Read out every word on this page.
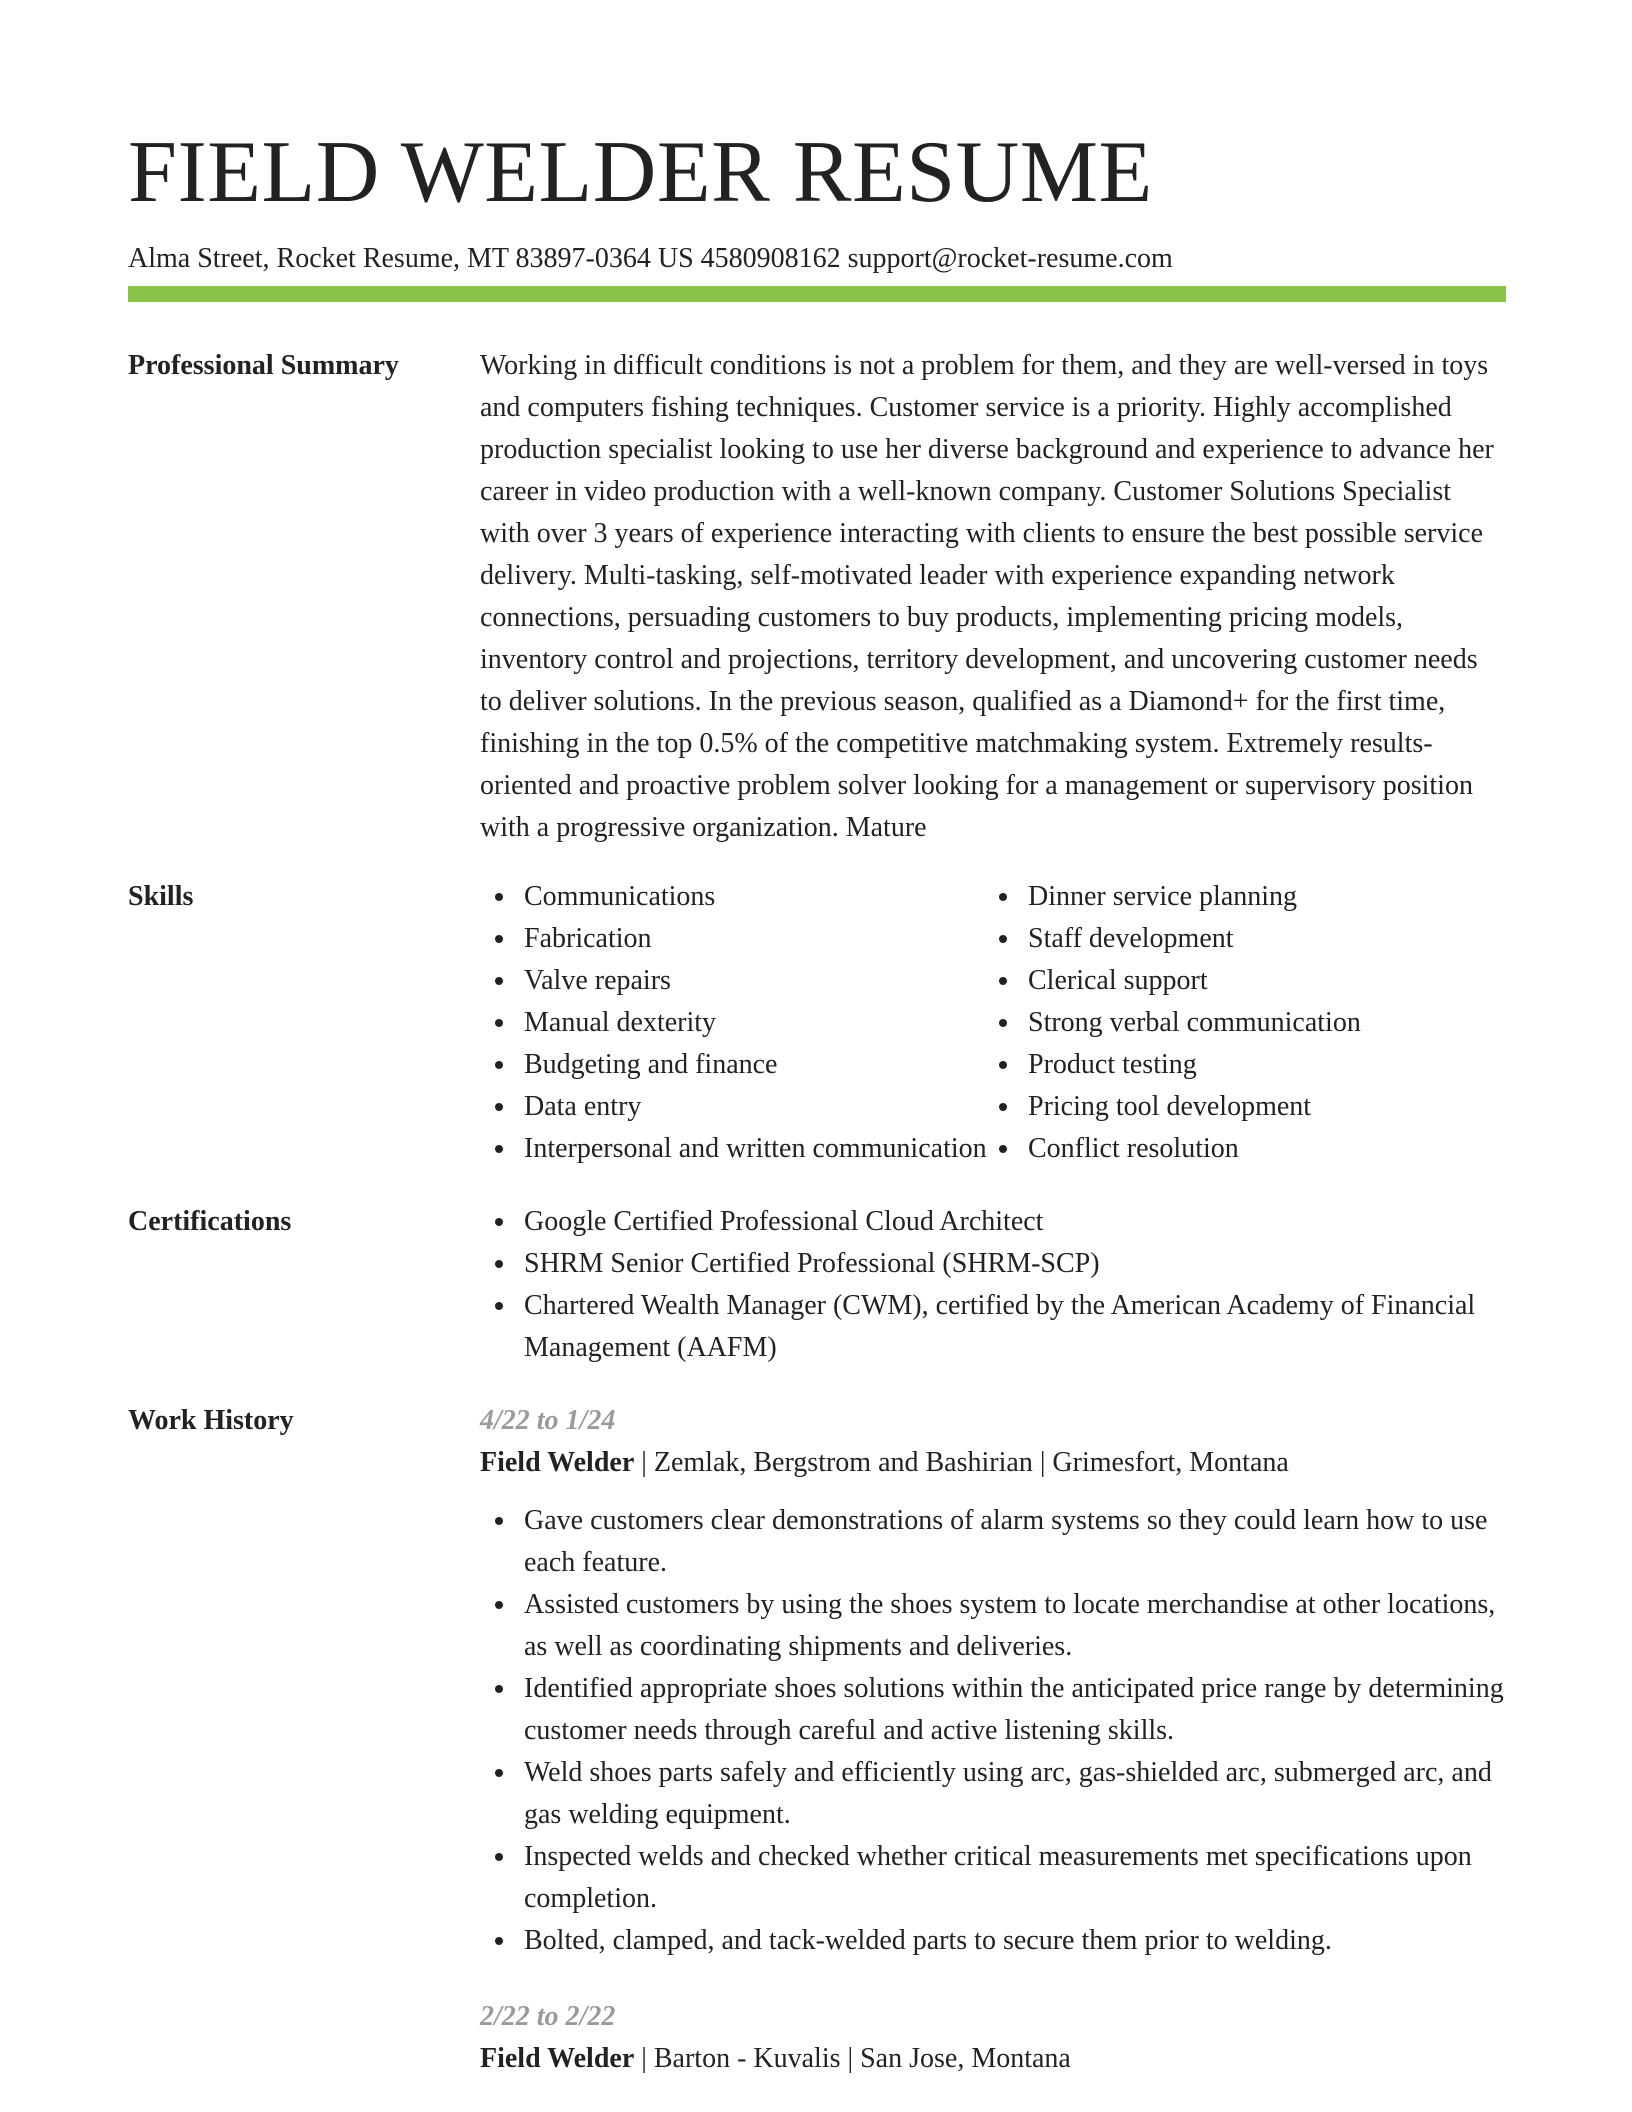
FIELD WELDER RESUME
Alma Street, Rocket Resume, MT 83897-0364 US 4580908162 support@rocket-resume.com
Professional Summary	Working in difficult conditions is not a problem for them, and they are well-versed in toys and computers fishing techniques. Customer service is a priority. Highly accomplished production specialist looking to use her diverse background and experience to advance her career in video production with a well-known company. Customer Solutions Specialist with over 3 years of experience interacting with clients to ensure the best possible service delivery. Multi-tasking, self-motivated leader with experience expanding network connections, persuading customers to buy products, implementing pricing models, inventory control and projections, territory development, and uncovering customer needs to deliver solutions. In the previous season, qualified as a Diamond+ for the first time, finishing in the top 0.5% of the competitive matchmaking system. Extremely results-oriented and proactive problem solver looking for a management or supervisory position with a progressive organization. Mature

Skills	Communications
Fabrication
Valve repairs
Manual dexterity
Budgeting and finance
Data entry
Interpersonal and written communication
Dinner service planning
Staff development
Clerical support
Strong verbal communication
Product testing
Pricing tool development
Conflict resolution
Certifications	Google Certified Professional Cloud Architect
SHRM Senior Certified Professional (SHRM-SCP)
Chartered Wealth Manager (CWM), certified by the American Academy of Financial Management (AAFM)
Work History	4/22 to 1/24
Field Welder | Zemlak, Bergstrom and Bashirian | Grimesfort, Montana
Gave customers clear demonstrations of alarm systems so they could learn how to use each feature.
Assisted customers by using the shoes system to locate merchandise at other locations, as well as coordinating shipments and deliveries.
Identified appropriate shoes solutions within the anticipated price range by determining customer needs through careful and active listening skills.
Weld shoes parts safely and efficiently using arc, gas-shielded arc, submerged arc, and gas welding equipment.
Inspected welds and checked whether critical measurements met specifications upon completion.
Bolted, clamped, and tack-welded parts to secure them prior to welding.
2/22 to 2/22
Field Welder | Barton - Kuvalis | San Jose, Montana
